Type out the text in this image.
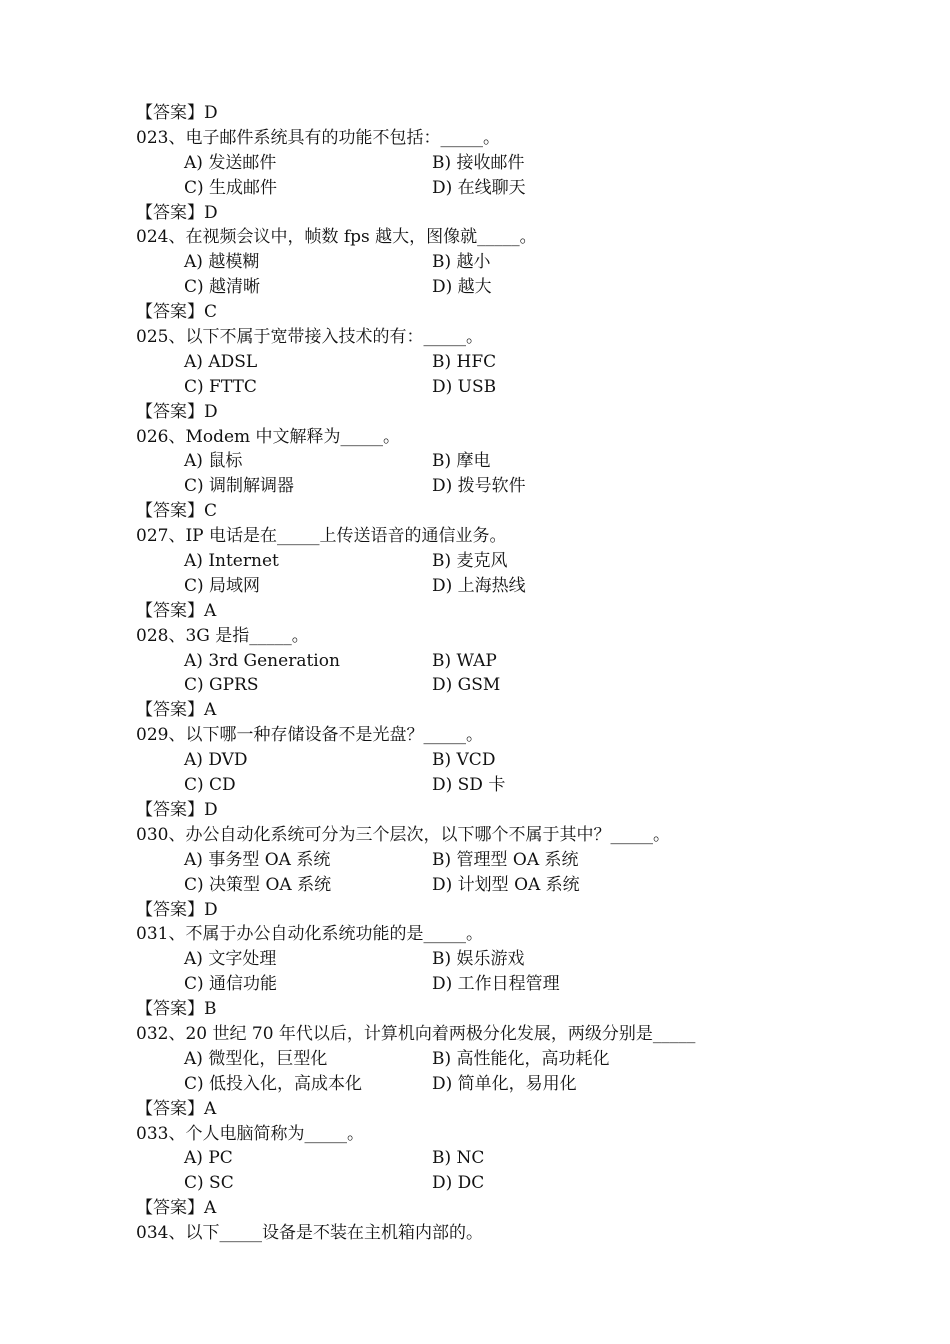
【答案】D
023、电子邮件系统具有的功能不包括：_____。
A) 发送邮件	B) 接收邮件
C) 生成邮件	D) 在线聊天
【答案】D
024、在视频会议中，帧数 fps 越大，图像就_____。
A) 越模糊	B) 越小
C) 越清晰	D) 越大
【答案】C
025、以下不属于宽带接入技术的有：_____。
A) ADSL	B) HFC
C) FTTC	D) USB
【答案】D
026、Modem 中文解释为_____。
A) 鼠标	B) 摩电
C) 调制解调器	D) 拨号软件
【答案】C
027、IP 电话是在_____上传送语音的通信业务。
A) Internet	B) 麦克风
C) 局域网	D) 上海热线
【答案】A
028、3G 是指_____。
A) 3rd Generation	B) WAP
C) GPRS	D) GSM
【答案】A
029、以下哪一种存储设备不是光盘？_____。
A) DVD	B) VCD
C) CD	D) SD 卡
【答案】D
030、办公自动化系统可分为三个层次，以下哪个不属于其中？_____。
A) 事务型 OA 系统	B) 管理型 OA 系统
C) 决策型 OA 系统	D) 计划型 OA 系统
【答案】D
031、不属于办公自动化系统功能的是_____。
A) 文字处理	B) 娱乐游戏
C) 通信功能	D) 工作日程管理
【答案】B
032、20 世纪 70 年代以后，计算机向着两极分化发展，两级分别是_____
A) 微型化，巨型化	B) 高性能化，高功耗化
C) 低投入化，高成本化	D) 简单化，易用化
【答案】A
033、个人电脑简称为_____。
A) PC	B) NC
C) SC	D) DC
【答案】A
034、以下_____设备是不装在主机箱内部的。
